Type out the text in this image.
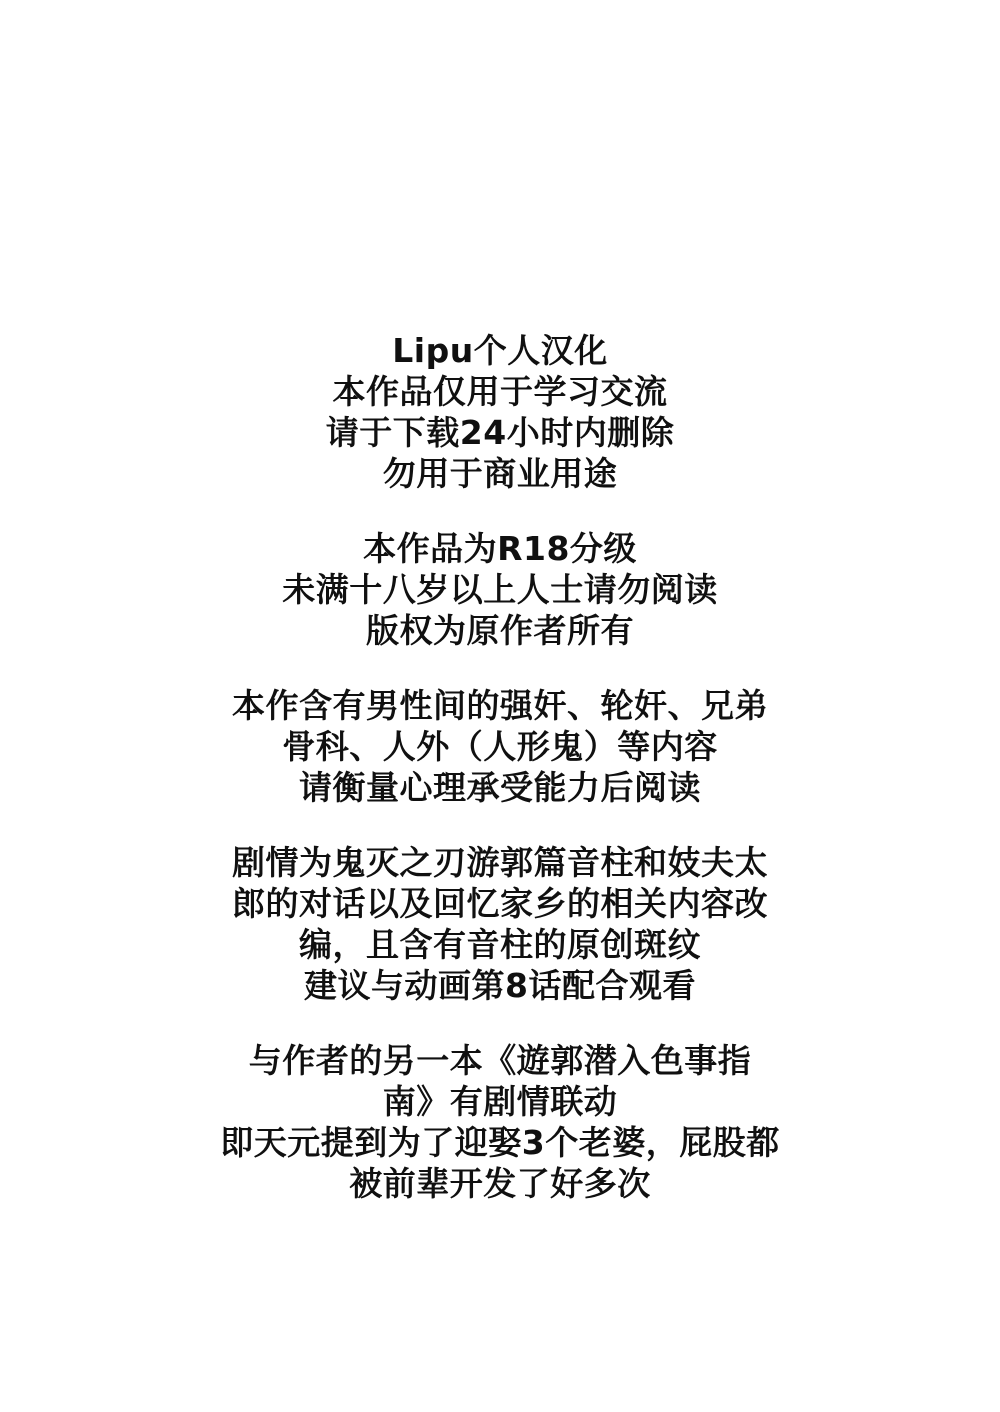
Lipu个人汉化
本作品仅用于学习交流
请于下载24小时内删除
勿用于商业用途
本作品为R18分级
未满十八岁以上人士请勿阅读
版权为原作者所有
本作含有男性间的强奸、轮奸、兄弟
骨科、人外（人形鬼）等内容
请衡量心理承受能力后阅读
剧情为鬼灭之刃游郭篇音柱和妓夫太
郎的对话以及回忆家乡的相关内容改
编，且含有音柱的原创斑纹
建议与动画第8话配合观看
与作者的另一本《遊郭潜入色事指
南》有剧情联动
即天元提到为了迎娶3个老婆，屁股都
被前辈开发了好多次
